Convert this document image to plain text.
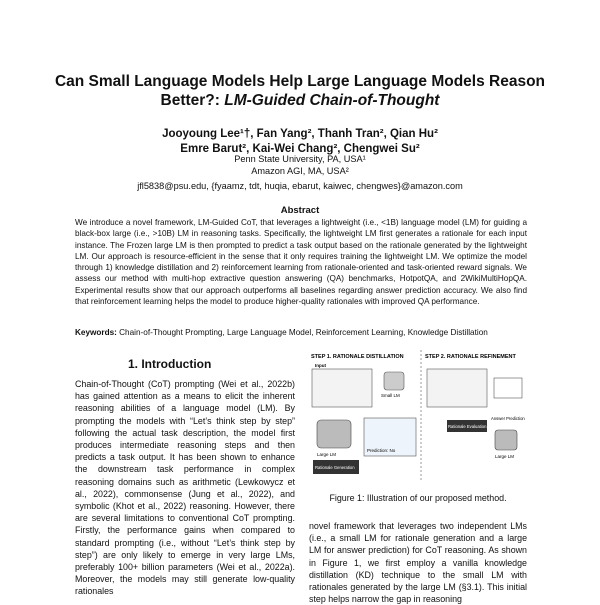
Can Small Language Models Help Large Language Models Reason
Better?: LM-Guided Chain-of-Thought
Jooyoung Lee¹†, Fan Yang², Thanh Tran², Qian Hu²
Emre Barut², Kai-Wei Chang², Chengwei Su²
Penn State University, PA, USA¹
Amazon AGI, MA, USA²
jfl5838@psu.edu, {fyaamz, tdt, huqia, ebarut, kaiwec, chengwes}@amazon.com
Abstract
We introduce a novel framework, LM-Guided CoT, that leverages a lightweight (i.e., <1B) language model (LM) for guiding a black-box large (i.e., >10B) LM in reasoning tasks. Specifically, the lightweight LM first generates a rationale for each input instance. The Frozen large LM is then prompted to predict a task output based on the rationale generated by the lightweight LM. Our approach is resource-efficient in the sense that it only requires training the lightweight LM. We optimize the model through 1) knowledge distillation and 2) reinforcement learning from rationale-oriented and task-oriented reward signals. We assess our method with multi-hop extractive question answering (QA) benchmarks, HotpotQA, and 2WikiMultiHopQA. Experimental results show that our approach outperforms all baselines regarding answer prediction accuracy. We also find that reinforcement learning helps the model to produce higher-quality rationales with improved QA performance.
Keywords: Chain-of-Thought Prompting, Large Language Model, Reinforcement Learning, Knowledge Distillation
1. Introduction
Chain-of-Thought (CoT) prompting (Wei et al., 2022b) has gained attention as a means to elicit the inherent reasoning abilities of a language model (LM). By prompting the models with “Let’s think step by step” following the actual task description, the model first produces intermediate reasoning steps and then predicts a task output. It has been shown to enhance the downstream task performance in complex reasoning domains such as arithmetic (Lewkowycz et al., 2022), commonsense (Jung et al., 2022), and symbolic (Khot et al., 2022) reasoning. However, there are several limitations to conventional CoT prompting. Firstly, the performance gains when compared to standard prompting (i.e., without “Let’s think step by step”) are only likely to emerge in very large LMs, preferably 100+ billion parameters (Wei et al., 2022a). Moreover, the models may still generate low-quality rationales
STEP 1. RATIONALE DISTILLATION	STEP 2. RATIONALE REFINEMENT
Input
Small LM
Prediction: No
Large LM
Rationale Generation
Rationale Evaluation
Answer Prediction
Large LM
Figure 1: Illustration of our proposed method.
novel framework that leverages two independent LMs (i.e., a small LM for rationale generation and a large LM for answer prediction) for CoT reasoning. As shown in Figure 1, we first employ a vanilla knowledge distillation (KD) technique to the small LM with rationales generated by the large LM (§3.1). This initial step helps narrow the gap in reasoning
